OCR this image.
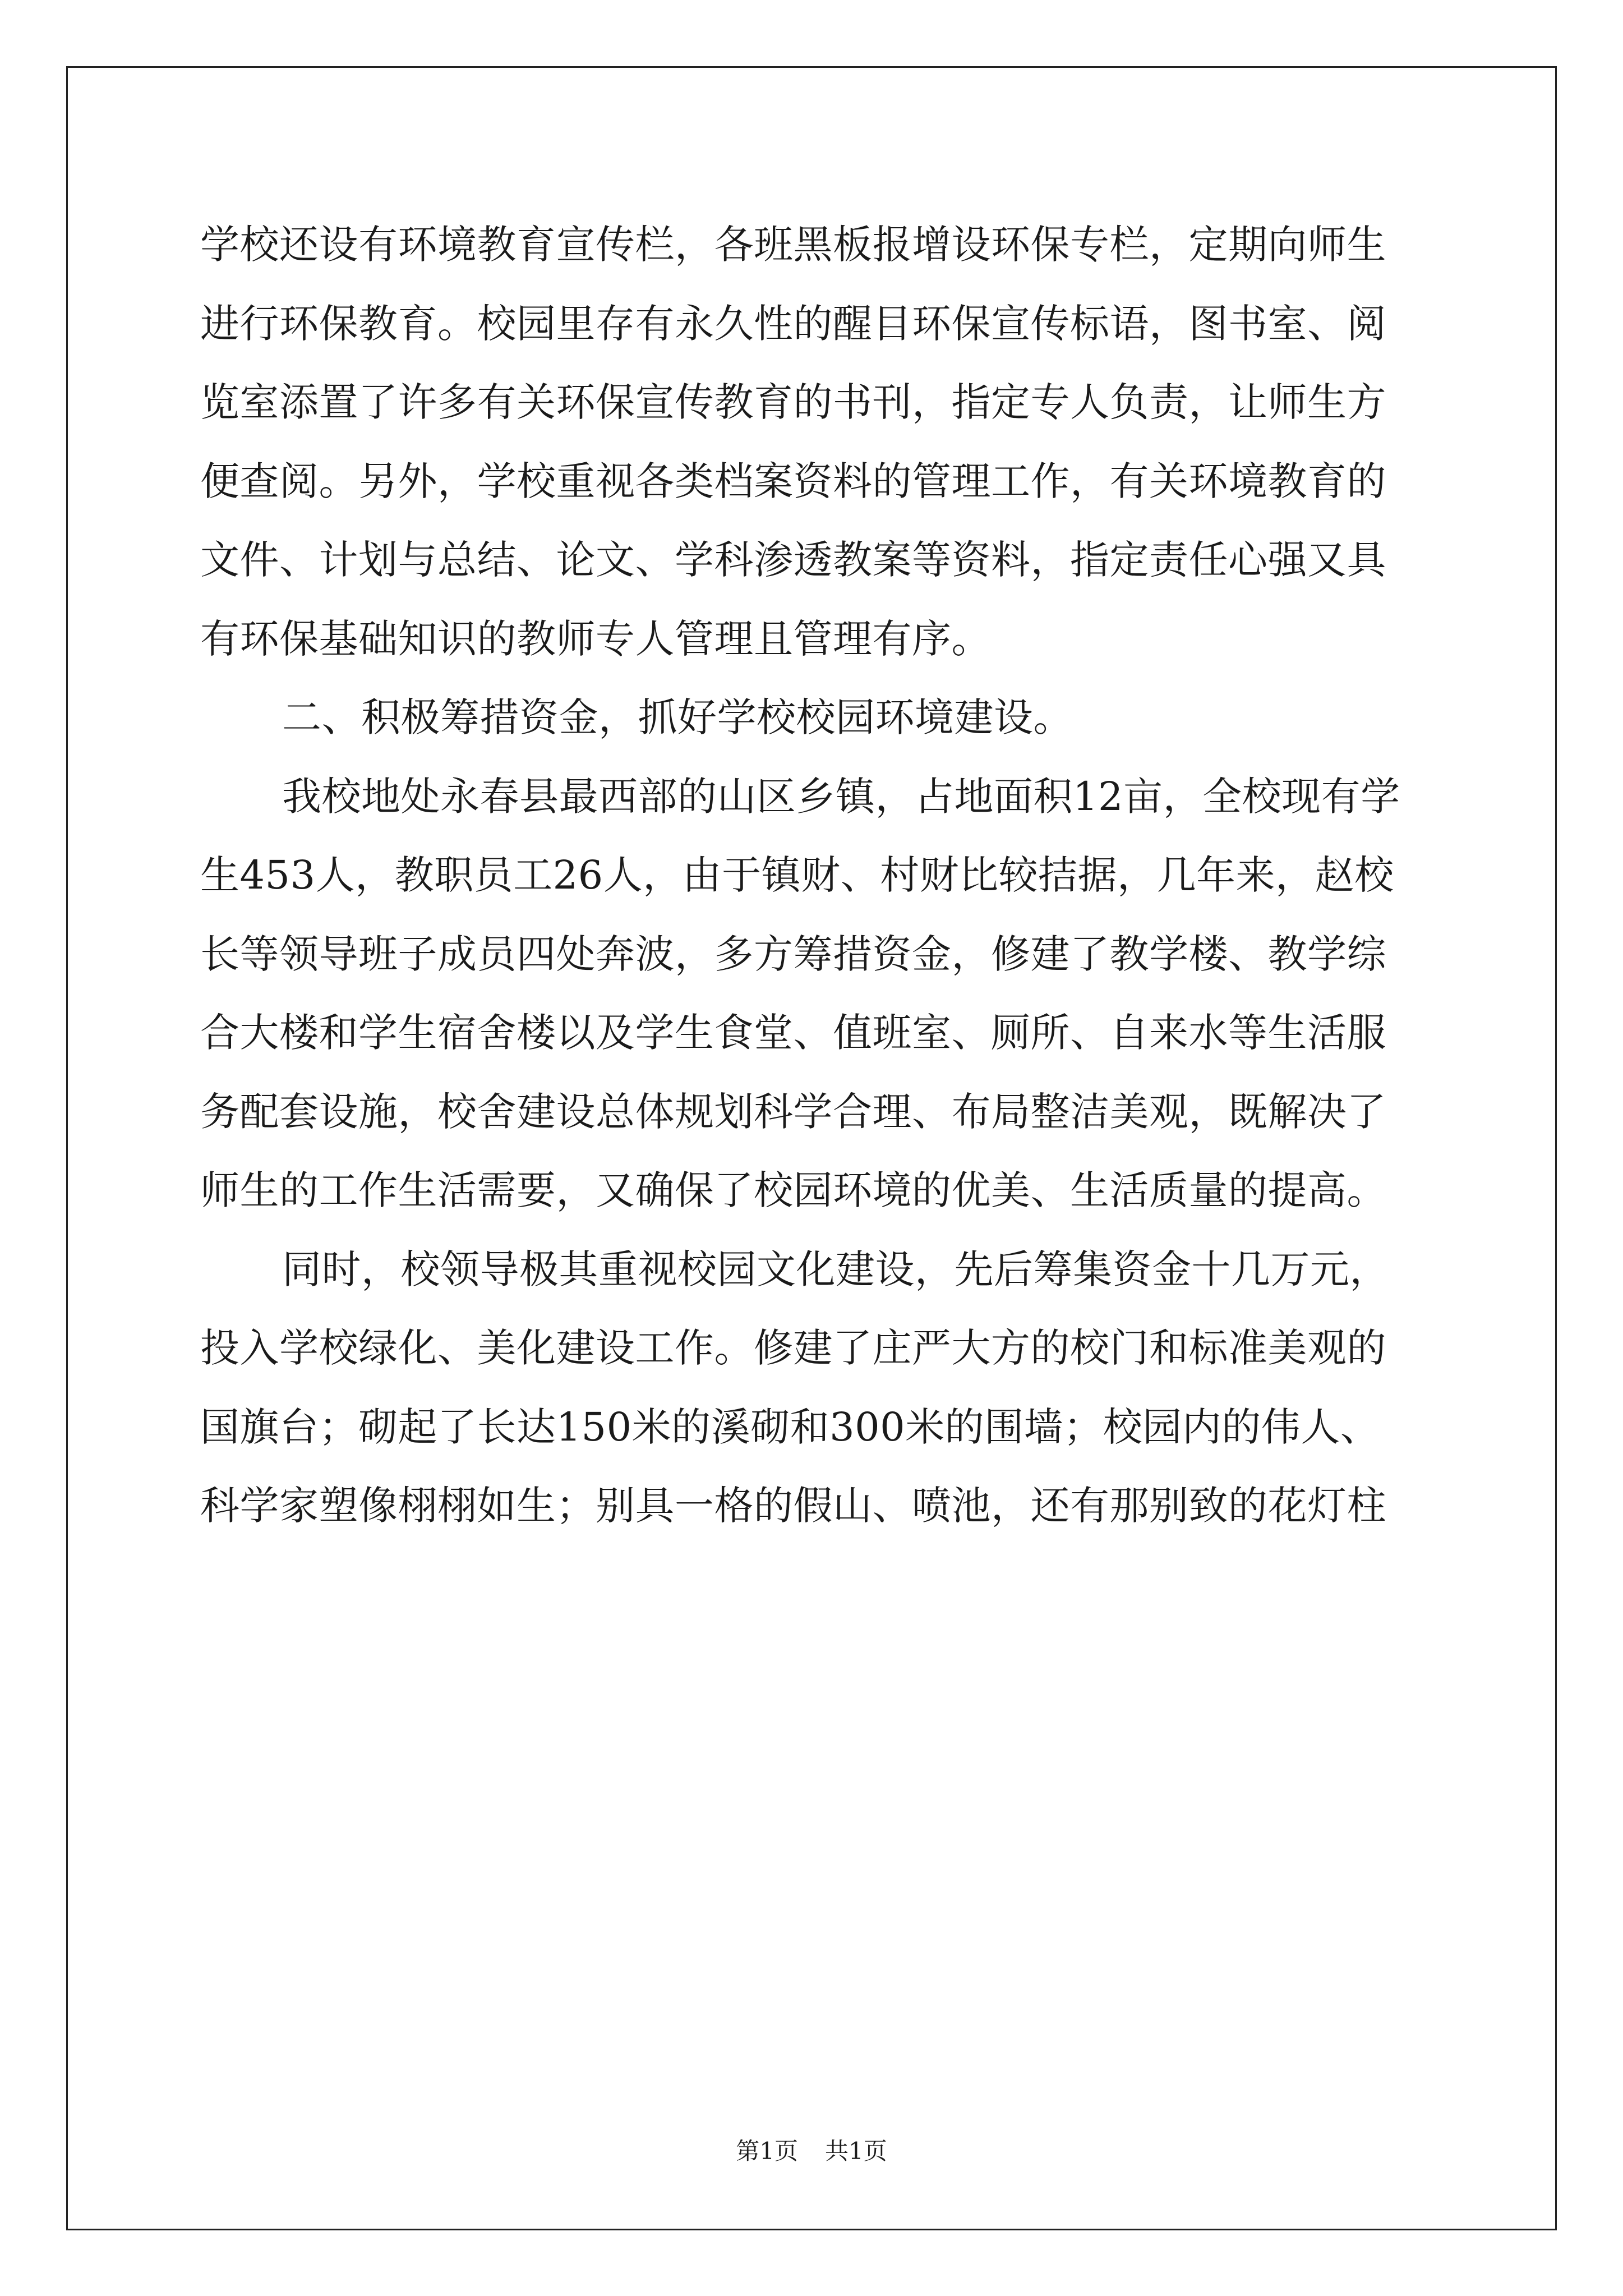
学校还设有环境教育宣传栏，各班黑板报增设环保专栏，定期向师生
进行环保教育。校园里存有永久性的醒目环保宣传标语，图书室、阅
览室添置了许多有关环保宣传教育的书刊，指定专人负责，让师生方
便查阅。另外，学校重视各类档案资料的管理工作，有关环境教育的
文件、计划与总结、论文、学科渗透教案等资料，指定责任心强又具
有环保基础知识的教师专人管理且管理有序。
二、积极筹措资金，抓好学校校园环境建设。
我校地处永春县最西部的山区乡镇，占地面积12亩，全校现有学
生453人，教职员工26人，由于镇财、村财比较拮据，几年来，赵校
长等领导班子成员四处奔波，多方筹措资金，修建了教学楼、教学综
合大楼和学生宿舍楼以及学生食堂、值班室、厕所、自来水等生活服
务配套设施，校舍建设总体规划科学合理、布局整洁美观，既解决了
师生的工作生活需要，又确保了校园环境的优美、生活质量的提高。
同时，校领导极其重视校园文化建设，先后筹集资金十几万元，
投入学校绿化、美化建设工作。修建了庄严大方的校门和标准美观的
国旗台；砌起了长达150米的溪砌和300米的围墙；校园内的伟人、
科学家塑像栩栩如生；别具一格的假山、喷池，还有那别致的花灯柱
第1页 共1页
